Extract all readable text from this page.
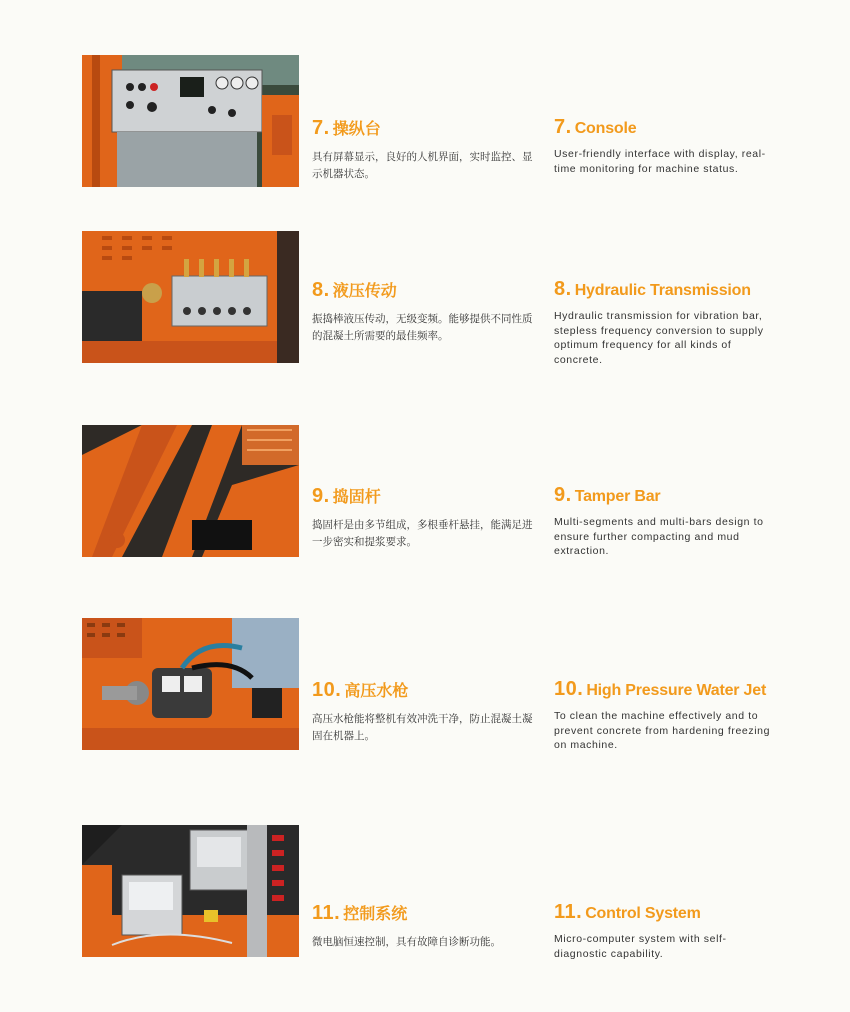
7. 操纵台
具有屏幕显示，良好的人机界面，实时监控、显示机器状态。
7. Console
User-friendly interface with display, real-time monitoring for machine status.
8. 液压传动
振捣棒液压传动，无级变频。能够提供不同性质的混凝土所需要的最佳频率。
8. Hydraulic Transmission
Hydraulic transmission for vibration bar, stepless frequency conversion to supply optimum frequency for all kinds of concrete.
9. 捣固杆
捣固杆是由多节组成，多根垂杆悬挂，能满足进一步密实和提浆要求。
9. Tamper Bar
Multi-segments and multi-bars design to ensure further compacting and mud extraction.
10. 高压水枪
高压水枪能将整机有效冲洗干净，防止混凝土凝固在机器上。
10. High Pressure Water Jet
To clean the machine effectively and to prevent concrete from hardening freezing on machine.
11. 控制系统
微电脑恒速控制，具有故障自诊断功能。
11. Control System
Micro-computer system with self-diagnostic capability.
